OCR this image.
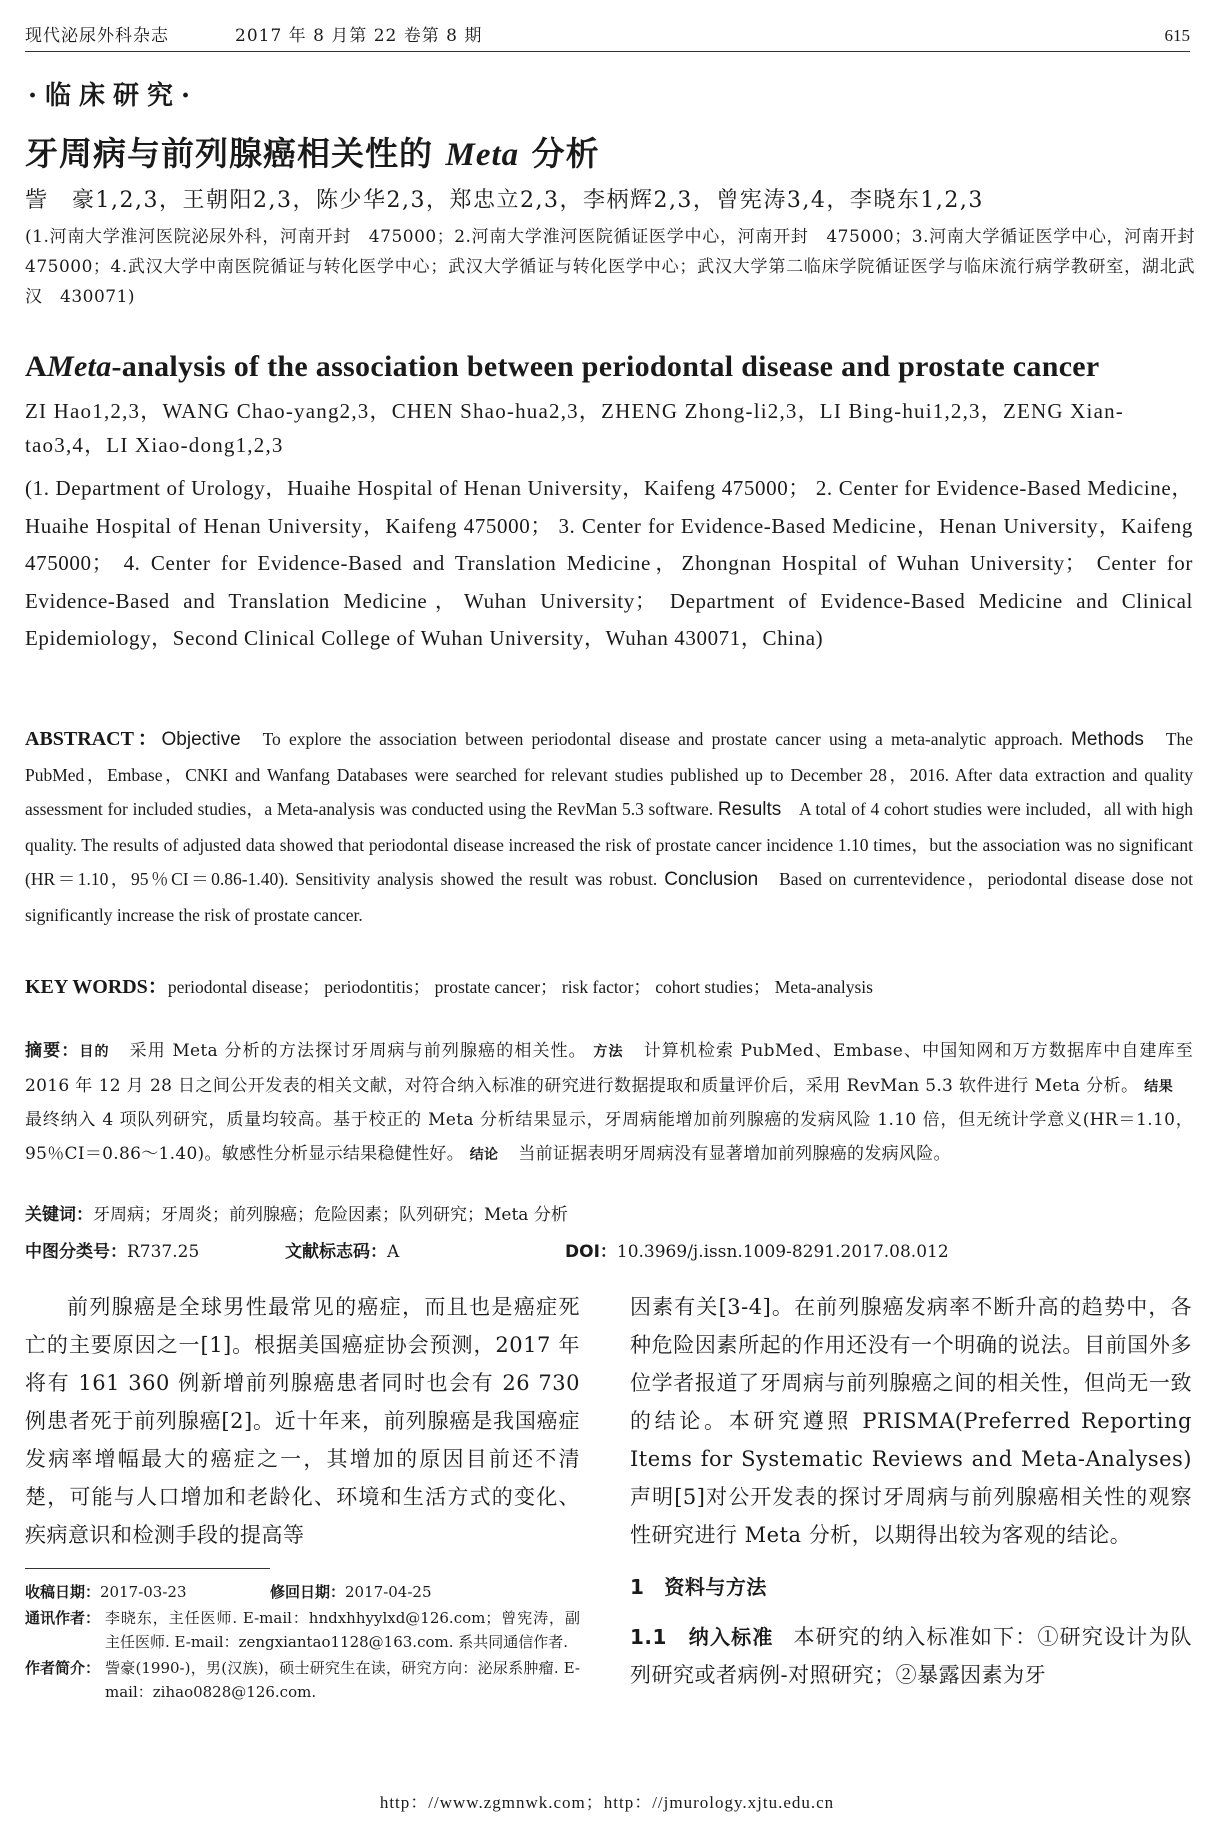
现代泌尿外科杂志	2017 年 8 月第 22 卷第 8 期	615
·临床研究·
牙周病与前列腺癌相关性的 Meta 分析
訾　豪1,2,3，王朝阳2,3，陈少华2,3，郑忠立2,3，李柄辉2,3，曾宪涛3,4，李晓东1,2,3
(1.河南大学淮河医院泌尿外科，河南开封　475000；2.河南大学淮河医院循证医学中心，河南开封　475000；3.河南大学循证医学中心，河南开封　475000；4.武汉大学中南医院循证与转化医学中心；武汉大学循证与转化医学中心；武汉大学第二临床学院循证医学与临床流行病学教研室，湖北武汉　430071)
AMeta-analysis of the association between periodontal disease and prostate cancer
ZI Hao1,2,3，WANG Chao-yang2,3，CHEN Shao-hua2,3，ZHENG Zhong-li2,3，LI Bing-hui1,2,3，ZENG Xian-tao3,4，LI Xiao-dong1,2,3
(1. Department of Urology，Huaihe Hospital of Henan University，Kaifeng 475000； 2. Center for Evidence-Based Medicine，Huaihe Hospital of Henan University，Kaifeng 475000； 3. Center for Evidence-Based Medicine，Henan University，Kaifeng 475000； 4. Center for Evidence-Based and Translation Medicine，Zhongnan Hospital of Wuhan University； Center for Evidence-Based and Translation Medicine，Wuhan University； Department of Evidence-Based Medicine and Clinical Epidemiology，Second Clinical College of Wuhan University，Wuhan 430071，China)
ABSTRACT：Objective To explore the association between periodontal disease and prostate cancer using a meta-analytic approach. Methods The PubMed，Embase，CNKI and Wanfang Databases were searched for relevant studies published up to December 28，2016. After data extraction and quality assessment for included studies，a Meta-analysis was conducted using the RevMan 5.3 software. Results A total of 4 cohort studies were included，all with high quality. The results of adjusted data showed that periodontal disease increased the risk of prostate cancer incidence 1.10 times，but the association was no significant (HR＝1.10，95％CI＝0.86-1.40). Sensitivity analysis showed the result was robust. Conclusion Based on currentevidence，periodontal disease dose not significantly increase the risk of prostate cancer.
KEY WORDS：periodontal disease； periodontitis； prostate cancer； risk factor； cohort studies； Meta-analysis
摘要：目的 采用 Meta 分析的方法探讨牙周病与前列腺癌的相关性。 方法 计算机检索 PubMed、Embase、中国知网和万方数据库中自建库至 2016 年 12 月 28 日之间公开发表的相关文献，对符合纳入标准的研究进行数据提取和质量评价后，采用 RevMan 5.3 软件进行 Meta 分析。 结果最终纳入 4 项队列研究，质量均较高。基于校正的 Meta 分析结果显示，牙周病能增加前列腺癌的发病风险 1.10 倍，但无统计学意义(HR＝1.10，95％CI＝0.86～1.40)。敏感性分析显示结果稳健性好。 结论 当前证据表明牙周病没有显著增加前列腺癌的发病风险。
关键词：牙周病；牙周炎；前列腺癌；危险因素；队列研究；Meta 分析
中图分类号：R737.25	文献标志码：A	DOI：10.3969/j.issn.1009-8291.2017.08.012

前列腺癌是全球男性最常见的癌症，而且也是癌症死亡的主要原因之一[1]。根据美国癌症协会预测，2017 年将有 161 360 例新增前列腺癌患者同时也会有 26 730 例患者死于前列腺癌[2]。近十年来，前列腺癌是我国癌症发病率增幅最大的癌症之一，其增加的原因目前还不清楚，可能与人口增加和老龄化、环境和生活方式的变化、疾病意识和检测手段的提高等

因素有关[3-4]。在前列腺癌发病率不断升高的趋势中，各种危险因素所起的作用还没有一个明确的说法。目前国外多位学者报道了牙周病与前列腺癌之间的相关性，但尚无一致的结论。本研究遵照 PRISMA(Preferred Reporting Items for Systematic Reviews and Meta-Analyses)声明[5]对公开发表的探讨牙周病与前列腺癌相关性的观察性研究进行 Meta 分析，以期得出较为客观的结论。

1 资料与方法

1.1　纳入标准 本研究的纳入标准如下：①研究设计为队列研究或者病例-对照研究；②暴露因素为牙

收稿日期：2017-03-23	修回日期：2017-04-25
通讯作者： 李晓东，主任医师. E-mail：hndxhhyylxd@126.com；曾宪涛，副主任医师. E-mail：zengxiantao1128@163.com. 系共同通信作者.
作者简介： 訾豪(1990-)，男(汉族)，硕士研究生在读，研究方向：泌尿系肿瘤. E-mail：zihao0828@126.com.
http：//www.zgmnwk.com；http：//jmurology.xjtu.edu.cn
